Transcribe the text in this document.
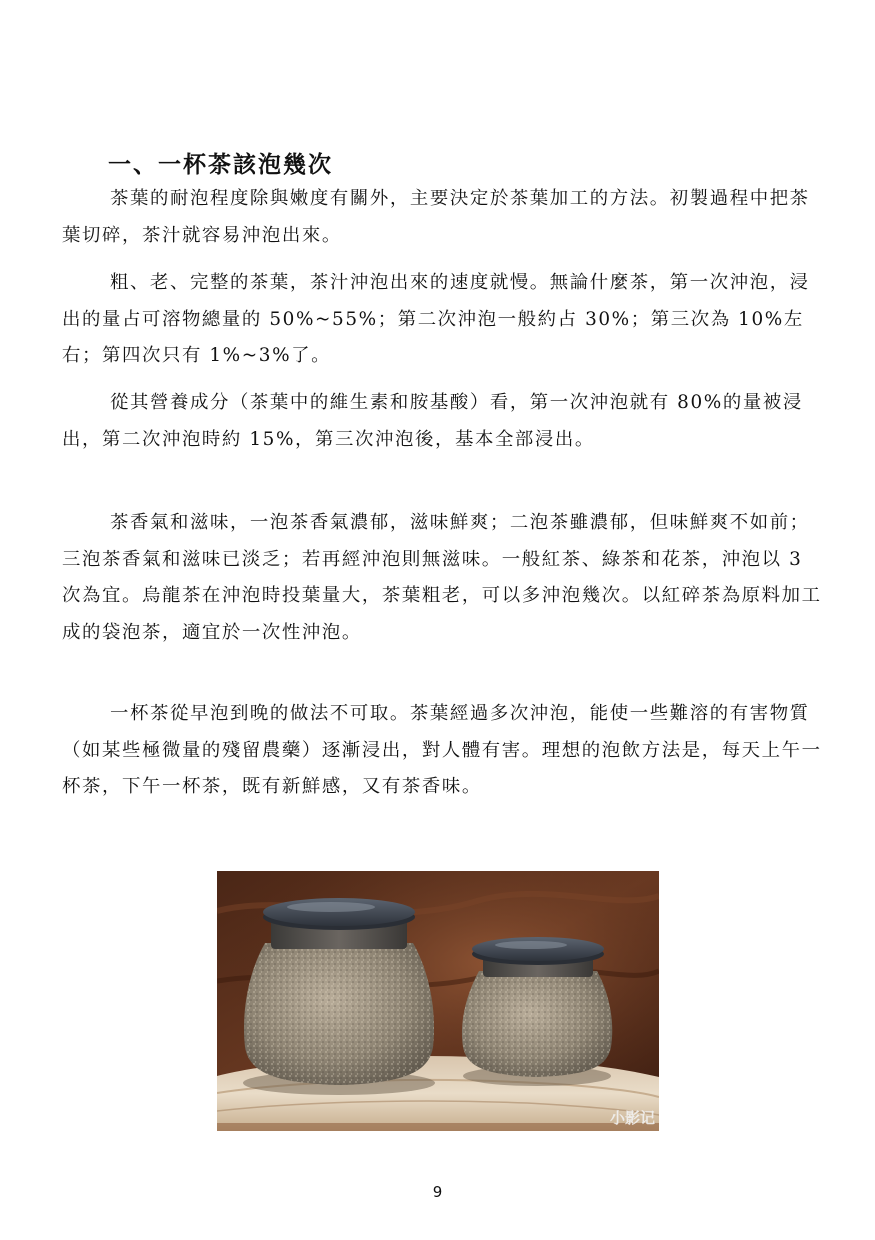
一、一杯茶該泡幾次

茶葉的耐泡程度除與嫩度有關外，主要決定於茶葉加工的方法。初製過程中把茶葉切碎，茶汁就容易沖泡出來。

粗、老、完整的茶葉，茶汁沖泡出來的速度就慢。無論什麼茶，第一次沖泡，浸出的量占可溶物總量的 50%~55%；第二次沖泡一般約占 30%；第三次為 10%左右；第四次只有 1%~3%了。

從其營養成分（茶葉中的維生素和胺基酸）看，第一次沖泡就有 80%的量被浸出，第二次沖泡時約 15%，第三次沖泡後，基本全部浸出。

茶香氣和滋味，一泡茶香氣濃郁，滋味鮮爽；二泡茶雖濃郁，但味鮮爽不如前；三泡茶香氣和滋味已淡乏；若再經沖泡則無滋味。一般紅茶、綠茶和花茶，沖泡以 3 次為宜。烏龍茶在沖泡時投葉量大，茶葉粗老，可以多沖泡幾次。以紅碎茶為原料加工成的袋泡茶，適宜於一次性沖泡。

一杯茶從早泡到晚的做法不可取。茶葉經過多次沖泡，能使一些難溶的有害物質（如某些極微量的殘留農藥）逐漸浸出，對人體有害。理想的泡飲方法是，每天上午一杯茶，下午一杯茶，既有新鮮感，又有茶香味。

小影记
9
